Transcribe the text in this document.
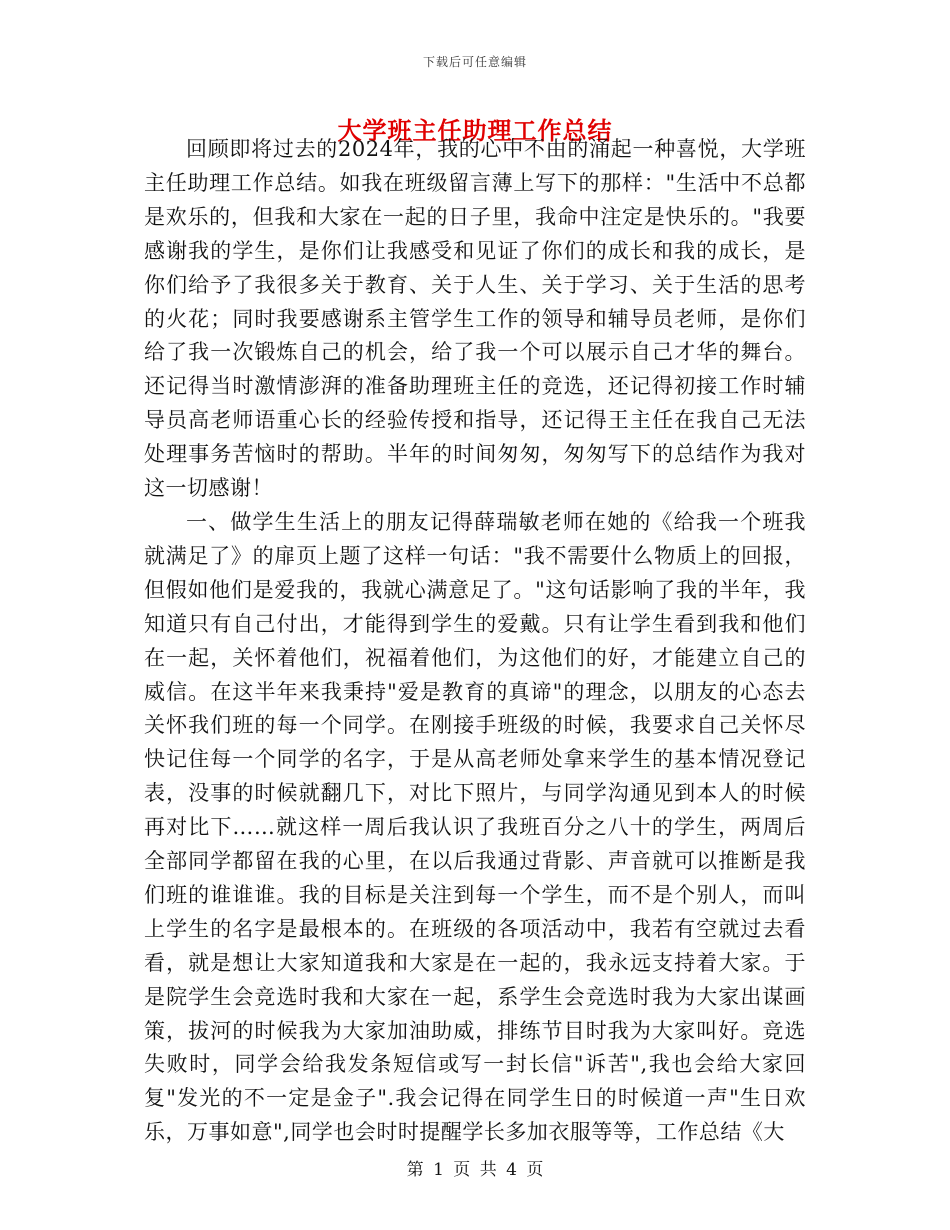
下载后可任意编辑
大学班主任助理工作总结

回顾即将过去的2024年，我的心中不由的涌起一种喜悦，大学班主任助理工作总结。如我在班级留言薄上写下的那样："生活中不总都是欢乐的，但我和大家在一起的日子里，我命中注定是快乐的。"我要感谢我的学生，是你们让我感受和见证了你们的成长和我的成长，是你们给予了我很多关于教育、关于人生、关于学习、关于生活的思考的火花；同时我要感谢系主管学生工作的领导和辅导员老师，是你们给了我一次锻炼自己的机会，给了我一个可以展示自己才华的舞台。还记得当时激情澎湃的准备助理班主任的竞选，还记得初接工作时辅导员高老师语重心长的经验传授和指导，还记得王主任在我自己无法处理事务苦恼时的帮助。半年的时间匆匆，匆匆写下的总结作为我对这一切感谢！

一、做学生生活上的朋友记得薛瑞敏老师在她的《给我一个班我就满足了》的扉页上题了这样一句话："我不需要什么物质上的回报，但假如他们是爱我的，我就心满意足了。"这句话影响了我的半年，我知道只有自己付出，才能得到学生的爱戴。只有让学生看到我和他们在一起，关怀着他们，祝福着他们，为这他们的好，才能建立自己的威信。在这半年来我秉持"爱是教育的真谛"的理念，以朋友的心态去关怀我们班的每一个同学。在刚接手班级的时候，我要求自己关怀尽快记住每一个同学的名字，于是从高老师处拿来学生的基本情况登记表，没事的时候就翻几下，对比下照片，与同学沟通见到本人的时候再对比下……就这样一周后我认识了我班百分之八十的学生，两周后全部同学都留在我的心里，在以后我通过背影、声音就可以推断是我们班的谁谁谁。我的目标是关注到每一个学生，而不是个别人，而叫上学生的名字是最根本的。在班级的各项活动中，我若有空就过去看看，就是想让大家知道我和大家是在一起的，我永远支持着大家。于是院学生会竞选时我和大家在一起，系学生会竞选时我为大家出谋画策，拔河的时候我为大家加油助威，排练节目时我为大家叫好。竞选失败时，同学会给我发条短信或写一封长信"诉苦",我也会给大家回复"发光的不一定是金子".我会记得在同学生日的时候道一声"生日欢乐，万事如意",同学也会时时提醒学长多加衣服等等，工作总结《大

第 1 页 共 4 页
